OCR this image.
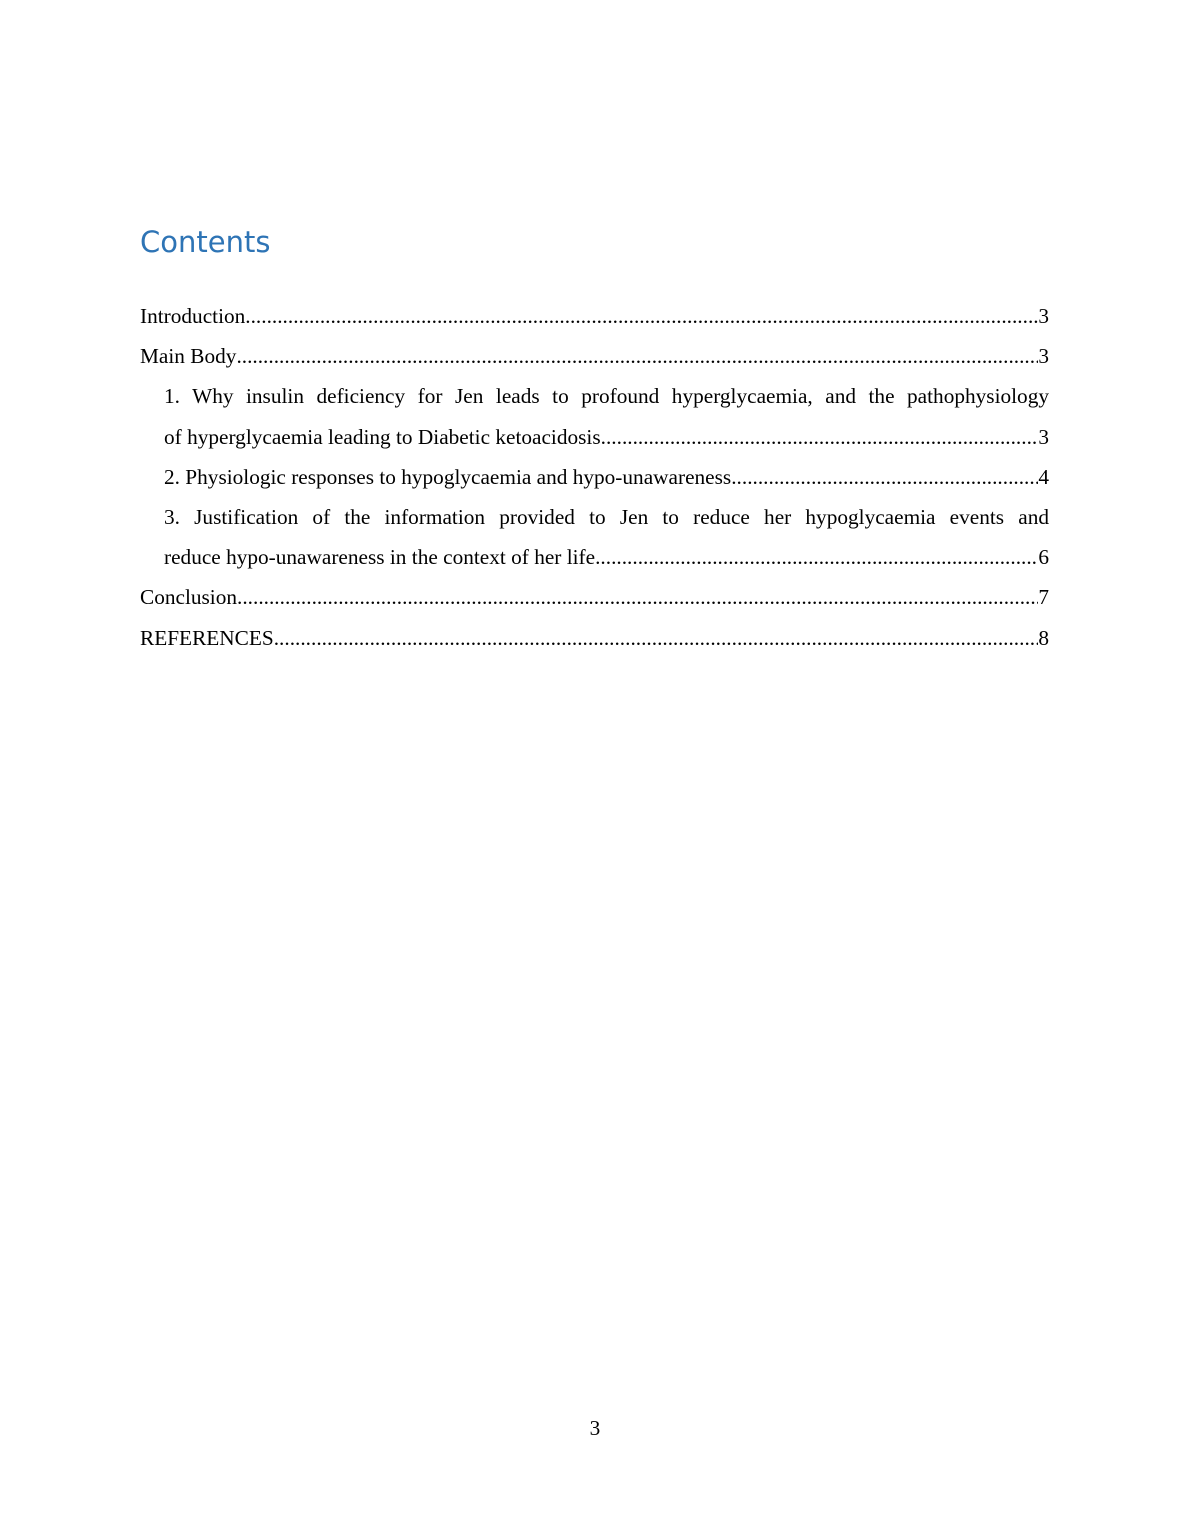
Contents
Introduction .....	3
Main Body .....	3
1. Why insulin deficiency for Jen leads to profound hyperglycaemia, and the pathophysiology
of hyperglycaemia leading to Diabetic ketoacidosis .....	3
2. Physiologic responses to hypoglycaemia and hypo-unawareness .....	4
3. Justification of the information provided to Jen to reduce her hypoglycaemia events and
reduce hypo-unawareness in the context of her life .....	6
Conclusion .....	7
REFERENCES .....	8
3
